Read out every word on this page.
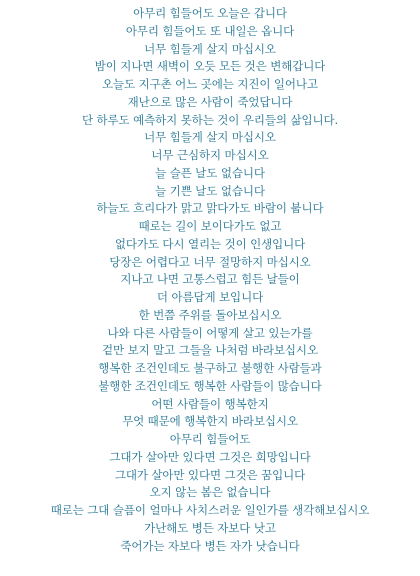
아무리 힘들어도 오늘은 갑니다
아무리 힘들어도 또 내일은 옵니다
너무 힘들게 살지 마십시오
밤이 지나면 새벽이 오듯 모든 것은 변해갑니다
오늘도 지구촌 어느 곳에는 지진이 일어나고
재난으로 많은 사람이 죽었답니다
단 하루도 예측하지 못하는 것이 우리들의 삶입니다.
너무 힘들게 살지 마십시오
너무 근심하지 마십시오
늘 슬픈 날도 없습니다
늘 기쁜 날도 없습니다
하늘도 흐리다가 맑고 맑다가도 바람이 붑니다
때로는 길이 보이다가도 없고
없다가도 다시 열리는 것이 인생입니다
당장은 어렵다고 너무 절망하지 마십시오
지나고 나면 고통스럽고 힘든 날들이
더 아름답게 보입니다
한 번쯤 주위를 돌아보십시오
나와 다른 사람들이 어떻게 살고 있는가를
겉만 보지 말고 그들을 나처럼 바라보십시오
행복한 조건인데도 불구하고 불행한 사람들과
불행한 조건인데도 행복한 사람들이 많습니다
어떤 사람들이 행복한지
무엇 때문에 행복한지 바라보십시오
아무리 힘들어도
그대가 살아만 있다면 그것은 희망입니다
그대가 살아만 있다면 그것은 꿈입니다
오지 않는 봄은 없습니다
때로는 그대 슬픔이 얼마나 사치스러운 일인가를 생각해보십시오
가난해도 병든 자보다 낫고
죽어가는 자보다 병든 자가 낫습니다
